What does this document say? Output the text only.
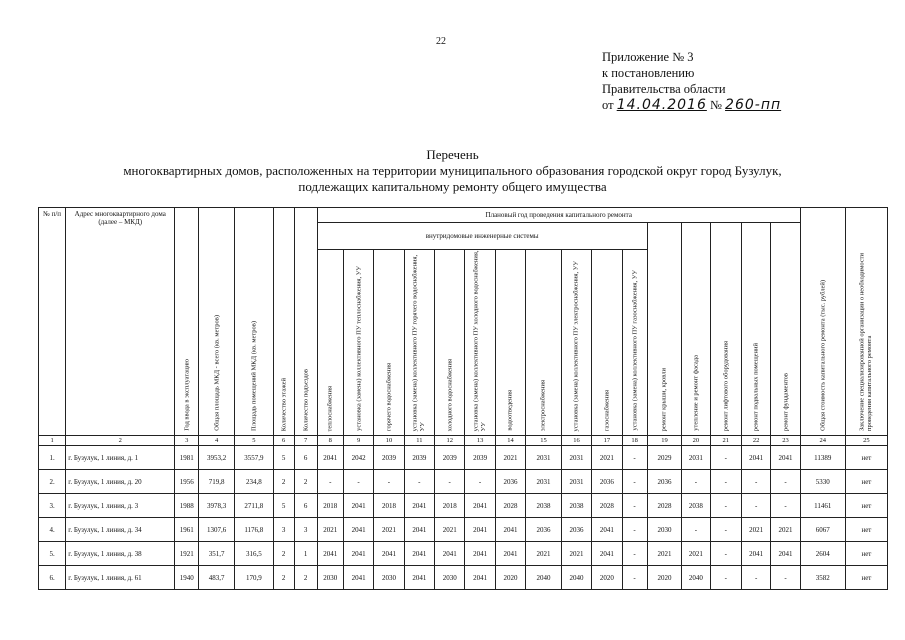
22
Приложение № 3
к постановлению
Правительства области
от 14.04.2016 № 260-пп
Перечень
многоквартирных домов, расположенных на территории муниципального образования городской округ город Бузулук,
подлежащих капитальному ремонту общего имущества
№ п/п	Адрес многоквартирного дома (далее – МКД)	Год ввода в эксплуатацию	Общая площадь МКД - всего (кв. метров)	Площадь помещений МКД (кв. метров)	Количество этажей	Количество подъездов	Плановый год проведения капитального ремонта																Общая стоимость капитального ремонта (тыс. рублей)	Заключение специализированной организации о необходимости проведения капитального ремонта

							внутридомовые инженерные системы											ремонт крыши, кровли	утепление и ремонт фасада	ремонт лифтового оборудования	ремонт подвальных помещений	ремонт фундаментов		

							теплоснабжения	установка (замена) коллективного ПУ теплоснабжения, УУ	горячего водоснабжения	установка (замена) коллективного ПУ горячего водоснабжения, УУ	холодного водоснабжения	установка (замена) коллективного ПУ холодного водоснабжения, УУ	водоотведения	электроснабжения	установка (замена) коллективного ПУ электроснабжения, УУ	газоснабжения	установка (замена) коллективного ПУ газоснабжения, УУ							

1	2	3	4	5	6	7	8	9	10	11	12	13	14	15	16	17	18	19	20	21	22	23	24	25
1.	г. Бузулук, 1 линия, д. 1	1981	3953,2	3557,9	5	6	2041	2042	2039	2039	2039	2039	2021	2031	2031	2021	-	2029	2031	-	2041	2041	11389	нет
2.	г. Бузулук, 1 линия, д. 20	1956	719,8	234,8	2	2	-	-	-	-	-	-	2036	2031	2031	2036	-	2036	-	-	-	-	5330	нет
3.	г. Бузулук, 1 линия, д. 3	1988	3978,3	2711,8	5	6	2018	2041	2018	2041	2018	2041	2028	2038	2038	2028	-	2028	2038	-	-	-	11461	нет
4.	г. Бузулук, 1 линия, д. 34	1961	1307,6	1176,8	3	3	2021	2041	2021	2041	2021	2041	2041	2036	2036	2041	-	2030	-	-	2021	2021	6067	нет
5.	г. Бузулук, 1 линия, д. 38	1921	351,7	316,5	2	1	2041	2041	2041	2041	2041	2041	2041	2021	2021	2041	-	2021	2021	-	2041	2041	2604	нет
6.	г. Бузулук, 1 линия, д. 61	1940	483,7	170,9	2	2	2030	2041	2030	2041	2030	2041	2020	2040	2040	2020	-	2020	2040	-	-	-	3582	нет
